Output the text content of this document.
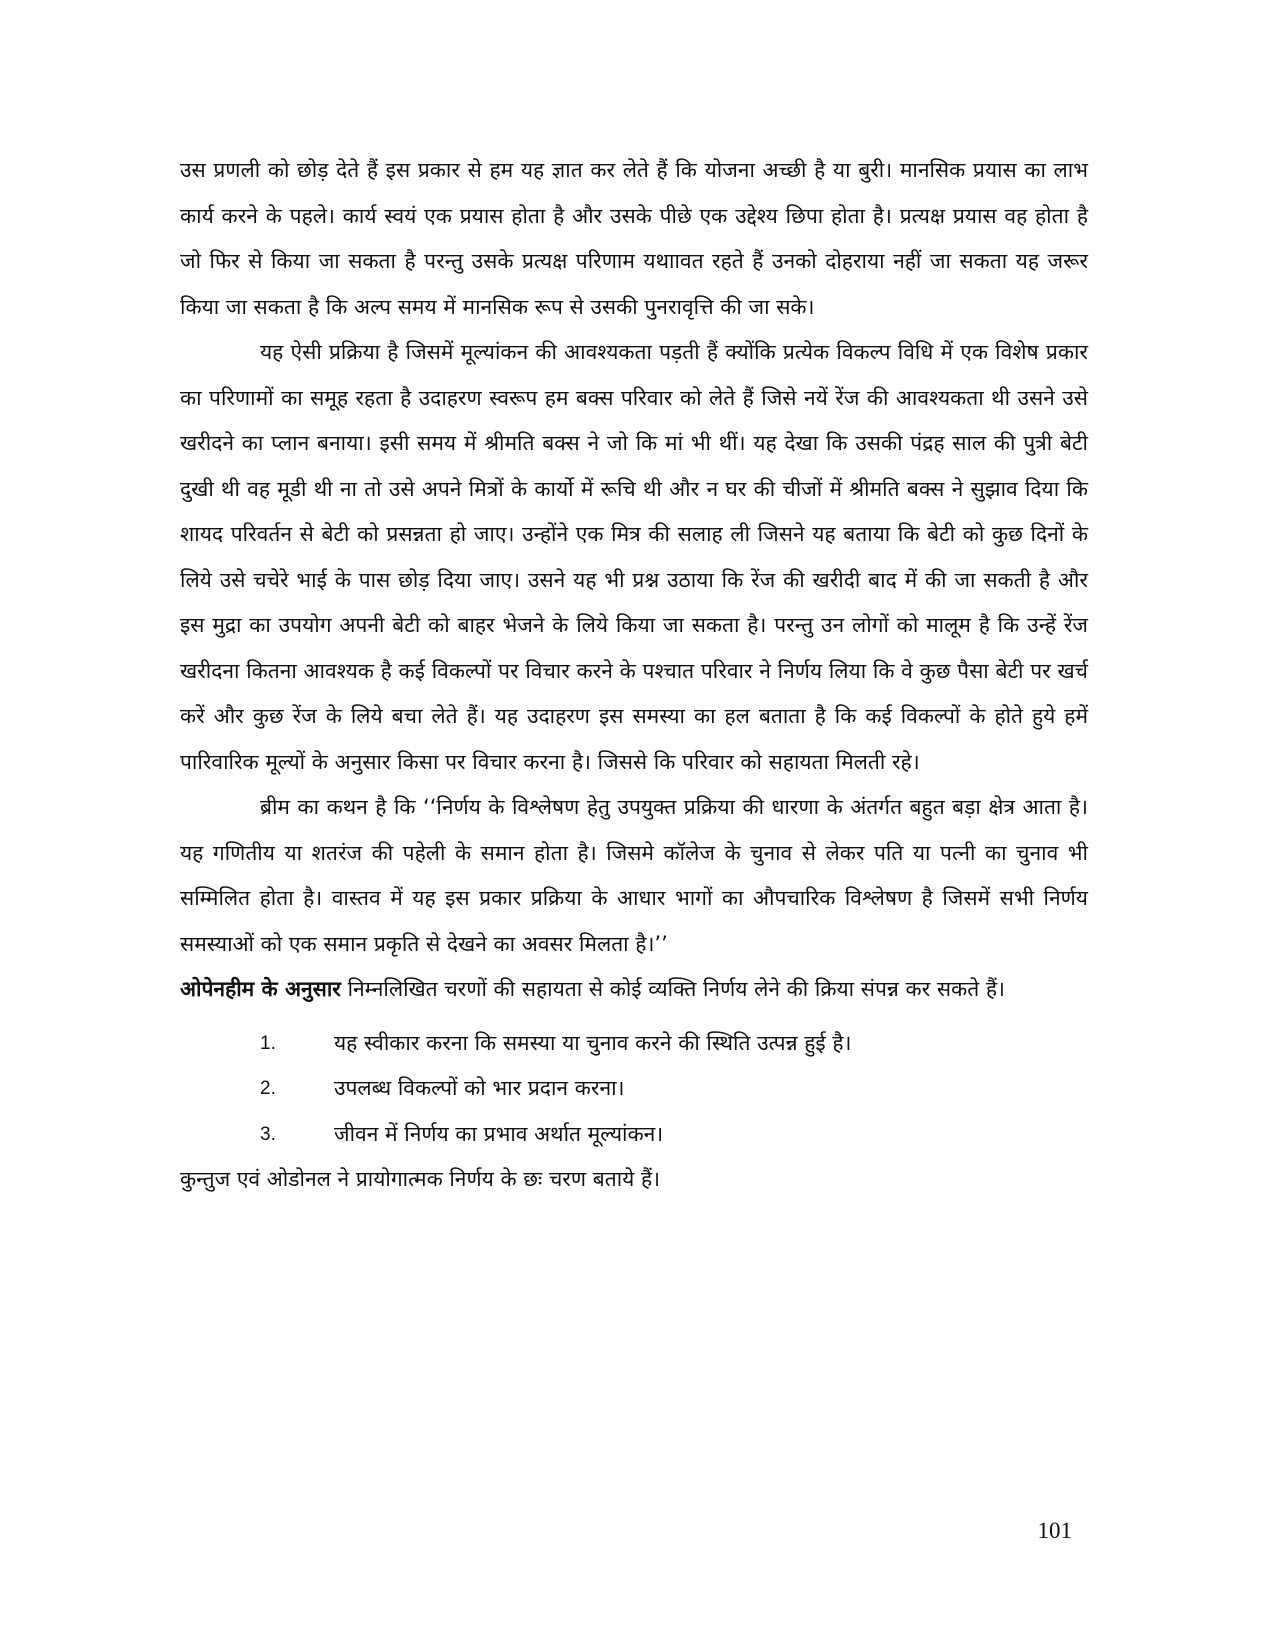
उस प्रणली को छोड़ देते हैं इस प्रकार से हम यह ज्ञात कर लेते हैं कि योजना अच्छी है या बुरी। मानसिक प्रयास का लाभ कार्य करने के पहले। कार्य स्वयं एक प्रयास होता है और उसके पीछे एक उद्देश्य छिपा होता है। प्रत्यक्ष प्रयास वह होता है जो फिर से किया जा सकता है परन्तु उसके प्रत्यक्ष परिणाम यथाावत रहते हैं उनको दोहराया नहीं जा सकता यह जरूर किया जा सकता है कि अल्प समय में मानसिक रूप से उसकी पुनरावृत्ति की जा सके।

यह ऐसी प्रक्रिया है जिसमें मूल्यांकन की आवश्यकता पड़ती हैं क्योंकि प्रत्येक विकल्प विधि में एक विशेष प्रकार का परिणामों का समूह रहता है उदाहरण स्वरूप हम बक्स परिवार को लेते हैं जिसे नयें रेंज की आवश्यकता थी उसने उसे खरीदने का प्लान बनाया। इसी समय में श्रीमति बक्स ने जो कि मां भी थीं। यह देखा कि उसकी पंद्रह साल की पुत्री बेटी दुखी थी वह मूडी थी ना तो उसे अपने मित्रों के कार्यो में रूचि थी और न घर की चीजों में श्रीमति बक्स ने सुझाव दिया कि शायद परिवर्तन से बेटी को प्रसन्नता हो जाए। उन्होंने एक मित्र की सलाह ली जिसने यह बताया कि बेटी को कुछ दिनों के लिये उसे चचेरे भाई के पास छोड़ दिया जाए। उसने यह भी प्रश्न उठाया कि रेंज की खरीदी बाद में की जा सकती है और इस मुद्रा का उपयोग अपनी बेटी को बाहर भेजने के लिये किया जा सकता है। परन्तु उन लोगों को मालूम है कि उन्हें रेंज खरीदना कितना आवश्यक है कई विकल्पों पर विचार करने के पश्चात परिवार ने निर्णय लिया कि वे कुछ पैसा बेटी पर खर्च करें और कुछ रेंज के लिये बचा लेते हैं। यह उदाहरण इस समस्या का हल बताता है कि कई विकल्पों के होते हुये हमें पारिवारिक मूल्यों के अनुसार किसा पर विचार करना है। जिससे कि परिवार को सहायता मिलती रहे।

ब्रीम का कथन है कि ‘‘निर्णय के विश्लेषण हेतु उपयुक्त प्रक्रिया की धारणा के अंतर्गत बहुत बड़ा क्षेत्र आता है। यह गणितीय या शतरंज की पहेली के समान होता है। जिसमे कॉलेज के चुनाव से लेकर पति या पत्नी का चुनाव भी सम्मिलित होता है। वास्तव में यह इस प्रकार प्रक्रिया के आधार भागों का औपचारिक विश्लेषण है जिसमें सभी निर्णय समस्याओं को एक समान प्रकृति से देखने का अवसर मिलता है।’’

ओपेनहीम के अनुसार निम्नलिखित चरणों की सहायता से कोई व्यक्ति निर्णय लेने की क्रिया संपन्न कर सकते हैं।

1.	यह स्वीकार करना कि समस्या या चुनाव करने की स्थिति उत्पन्न हुई है।
2.	उपलब्ध विकल्पों को भार प्रदान करना।
3.	जीवन में निर्णय का प्रभाव अर्थात मूल्यांकन।

कुन्तुज एवं ओडोनल ने प्रायोगात्मक निर्णय के छः चरण बताये हैं।

101
